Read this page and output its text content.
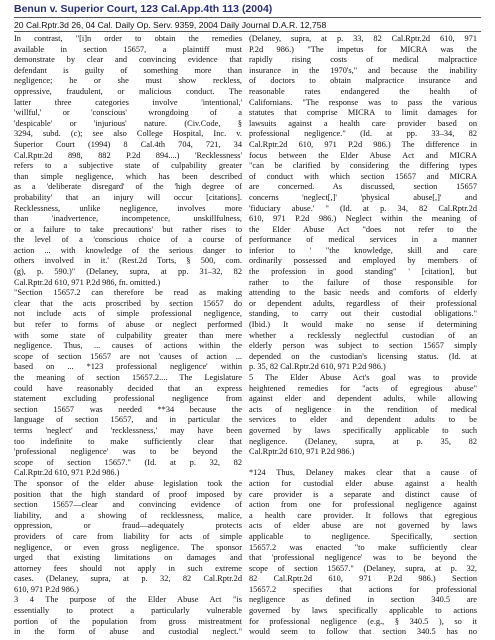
Benun v. Superior Court, 123 Cal.App.4th 113 (2004)
20 Cal.Rptr.3d 26, 04 Cal. Daily Op. Serv. 9359, 2004 Daily Journal D.A.R. 12,758
In contrast, "[i]n order to obtain the remedies
available in section 15657, a plaintiff must
demonstrate by clear and convincing evidence that
defendant is guilty of something more than
negligence; he or she must show reckless,
oppressive, fraudulent, or malicious conduct. The
latter three categories involve 'intentional,'
'willful,' or 'conscious' wrongdoing of a
'despicable' or 'injurious' nature. (Civ.Code, §
3294, subd. (c); see also College Hospital, Inc. v.
Superior Court (1994) 8 Cal.4th 704, 721, 34
Cal.Rptr.2d 898, 882 P.2d 894....) 'Recklessness'
refers to a subjective state of culpability greater
than simple negligence, which has been described
as a 'deliberate disregard' of the 'high degree of
probability' that an injury will occur [citations].
Recklessness, unlike negligence, involves more
than 'inadvertence, incompetence, unskillfulness,
or a failure to take precautions' but rather rises to
the level of a 'conscious choice of a course of
action ... with knowledge of the serious danger to
others involved in it.' (Rest.2d Torts, § 500, com.
(g), p. 590.)" (Delaney, supra, at pp. 31–32, 82
Cal.Rptr.2d 610, 971 P.2d 986, fn. omitted.)
"Section 15657.2 can therefore be read as making
clear that the acts proscribed by section 15657 do
not include acts of simple professional negligence,
but refer to forms of abuse or neglect performed
with some state of culpability greater than mere
negligence. Thus, ... causes of actions within the
scope of section 15657 are not 'causes of action ...
based on ... *123 professional negligence' within
the meaning of section 15657.2.... The Legislature
could have reasonably decided that an express
statement excluding professional negligence from
section 15657 was needed **34 because the
language of section 15657, and in particular the
terms 'neglect' and 'recklessness,' may have been
too indefinite to make sufficiently clear that
'professional negligence' was to be beyond the
scope of section 15657." (Id. at p. 32, 82
Cal.Rptr.2d 610, 971 P.2d 986.)
The sponsor of the elder abuse legislation took the
position that the high standard of proof imposed by
section 15657—clear and convincing evidence of
liability, and a showing of recklessness, malice,
oppression, or fraud—adequately protects
providers of care from liability for acts of simple
negligence, or even gross negligence. The sponsor
urged that existing limitations on damages and
attorney fees should not apply in such extreme
cases. (Delaney, supra, at p. 32, 82 Cal.Rptr.2d
610, 971 P.2d 986.)
3 4 The purpose of the Elder Abuse Act "is
essentially to protect a particularly vulnerable
portion of the population from gross mistreatment
in the form of abuse and custodial neglect."
(Delaney, supra, at p. 33, 82 Cal.Rptr.2d 610, 971
P.2d 986.) "The impetus for MICRA was the
rapidly rising costs of medical malpractice
insurance in the 1970's," and because the inability
of doctors to obtain malpractice insurance and
reasonable rates endangered the health of
Californians. "The response was to pass the various
statutes that comprise MICRA to limit damages for
lawsuits against a health care provider based on
professional negligence." (Id. at pp. 33–34, 82
Cal.Rptr.2d 610, 971 P.2d 986.) The difference in
focus between the Elder Abuse Act and MICRA
"can be clarified by considering the differing types
of conduct with which section 15657 and MICRA
are concerned. As discussed, section 15657
concerns 'neglect[,]' 'physical abuse[,]' and
'fiduciary abuse.' " (Id. at p. 34, 82 Cal.Rptr.2d
610, 971 P.2d 986.) Neglect within the meaning of
the Elder Abuse Act "does not refer to the
performance of medical services in a manner
inferior to ' "the knowledge, skill and care
ordinarily possessed and employed by members of
the profession in good standing" ' [citation], but
rather to the failure of those responsible for
attending to the basic needs and comforts of elderly
or dependent adults, regardless of their professional
standing, to carry out their custodial obligations."
(Ibid.) It would make no sense if determining
whether a recklessly neglectful custodian of an
elderly person was subject to section 15657 simply
depended on the custodian's licensing status. (Id. at
p. 35, 82 Cal.Rptr.2d 610, 971 P.2d 986.)
5 The Elder Abuse Act's goal was to provide
heightened remedies for "acts of egregious abuse"
against elder and dependent adults, while allowing
acts of negligence in the rendition of medical
services to elder and dependent adults to be
governed by laws specifically applicable to such
negligence. (Delaney, supra, at p. 35, 82
Cal.Rptr.2d 610, 971 P.2d 986.)
*124 Thus, Delaney makes clear that a cause of
action for custodial elder abuse against a health
care provider is a separate and distinct cause of
action from one for professional negligence against
a health care provider. It follows that egregious
acts of elder abuse are not governed by laws
applicable to negligence. Specifically, section
15657.2 was enacted "to make sufficiently clear
that 'professional negligence' was to be beyond the
scope of section 15657." (Delaney, supra, at p. 32,
82 Cal.Rptr.2d 610, 971 P.2d 986.) Section
15657.2 specifies that actions for professional
negligence as defined in section 340.5 are
governed by laws specifically applicable to actions
for professional negligence (e.g., § 340.5 ), so it
would seem to follow that section 340.5 has no
